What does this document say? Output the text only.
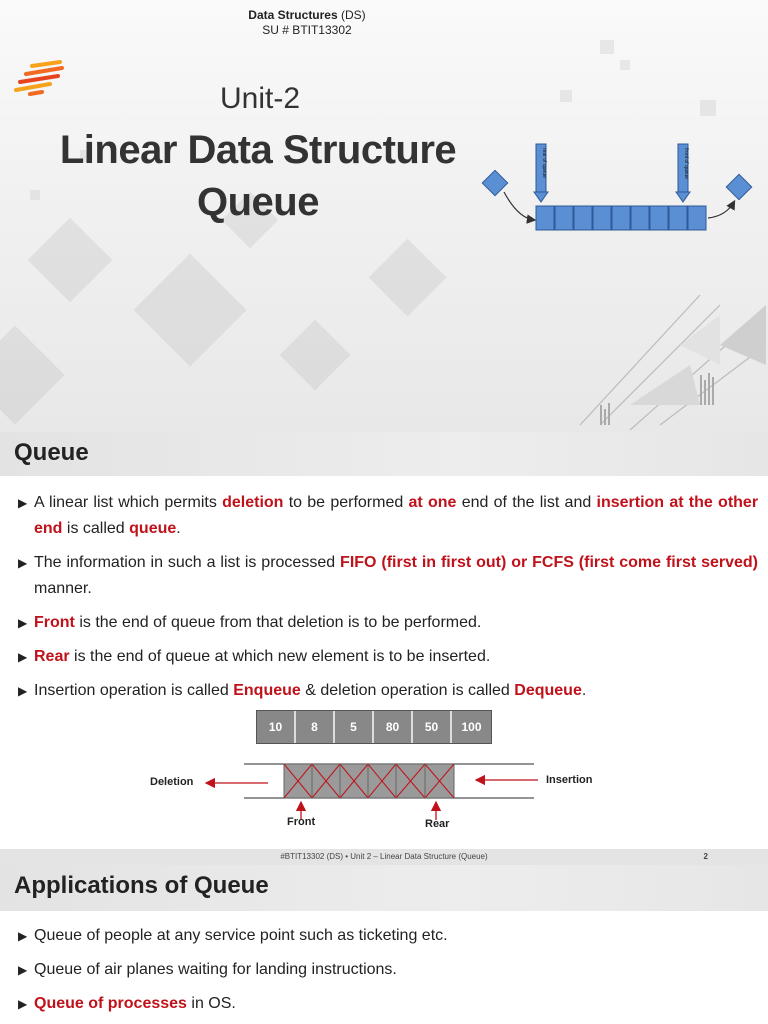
Data Structures (DS)
SU # BTIT13302
Unit-2
Linear Data Structure
Queue
rear of queue	front of queue
Queue
▶ A linear list which permits deletion to be performed at one end of the list and insertion at the other end is called queue.
▶ The information in such a list is processed FIFO (first in first out) or FCFS (first come first served) manner.
▶ Front is the end of queue from that deletion is to be performed.
▶ Rear is the end of queue at which new element is to be inserted.
▶ Insertion operation is called Enqueue & deletion operation is called Dequeue.
10	8	5	80	50	100
Deletion	Insertion
Front	Rear
#BTIT13302 (DS) • Unit 2 – Linear Data Structure (Queue)	2
Applications of Queue
▶ Queue of people at any service point such as ticketing etc.
▶ Queue of air planes waiting for landing instructions.
▶ Queue of processes in OS.
